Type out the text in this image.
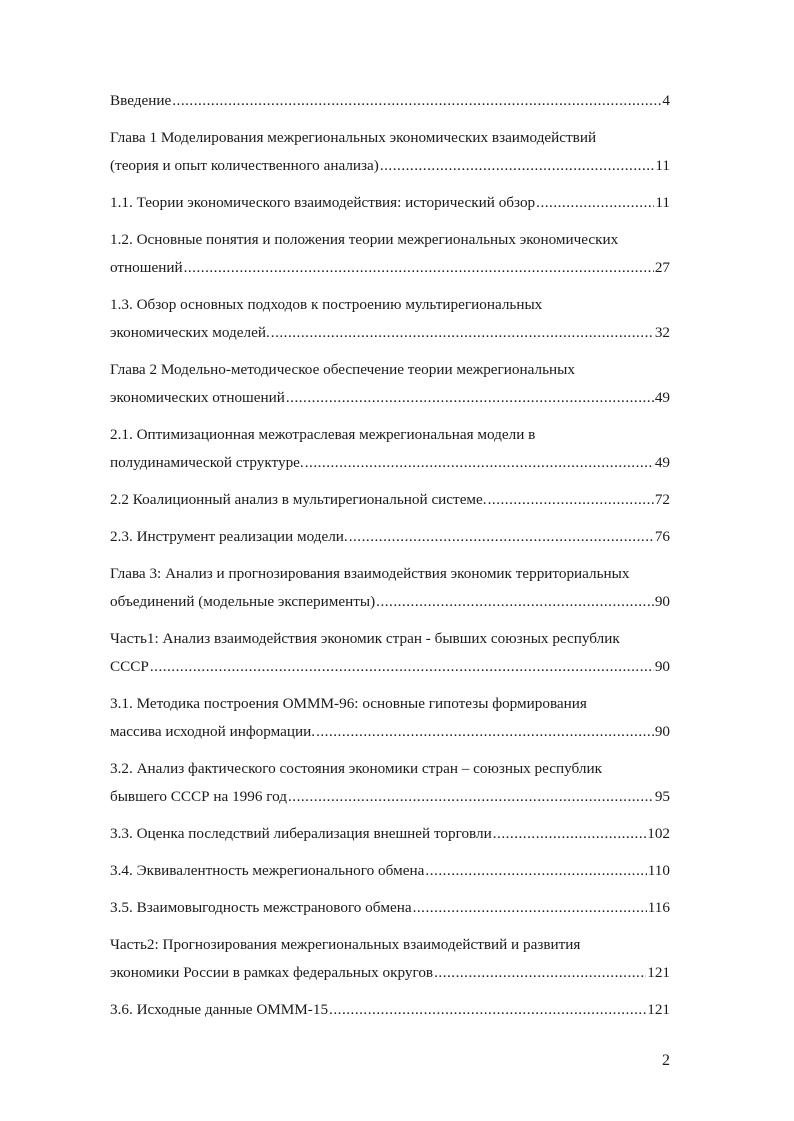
Введение .....	4
Глава 1 Моделирования межрегиональных экономических взаимодействий
(теория и опыт количественного анализа) .....	11
1.1. Теории экономического взаимодействия: исторический обзор .....	11
1.2. Основные понятия и положения теории межрегиональных экономических
отношений .....	27
1.3. Обзор основных подходов к построению мультирегиональных
экономических моделей. .....	32
Глава 2 Модельно-методическое обеспечение теории межрегиональных
экономических отношений .....	49
2.1. Оптимизационная межотраслевая межрегиональная модели в
полудинамической структуре. .....	49
2.2 Коалиционный анализ в мультирегиональной системе. .....	72
2.3. Инструмент реализации модели. .....	76
Глава 3: Анализ и прогнозирования взаимодействия экономик территориальных
объединений (модельные эксперименты) .....	90
Часть1: Анализ взаимодействия экономик стран - бывших союзных республик
СССР .....	90
3.1. Методика построения ОМММ-96: основные гипотезы формирования
массива исходной информации. .....	90
3.2. Анализ фактического состояния экономики стран – союзных республик
бывшего СССР на 1996 год .....	95
3.3. Оценка последствий либерализация внешней торговли .....	102
3.4. Эквивалентность межрегионального обмена .....	110
3.5. Взаимовыгодность межстранового обмена .....	116
Часть2: Прогнозирования межрегиональных взаимодействий и развития
экономики России в рамках федеральных округов .....	121
3.6. Исходные данные ОМММ-15 .....	121
2
